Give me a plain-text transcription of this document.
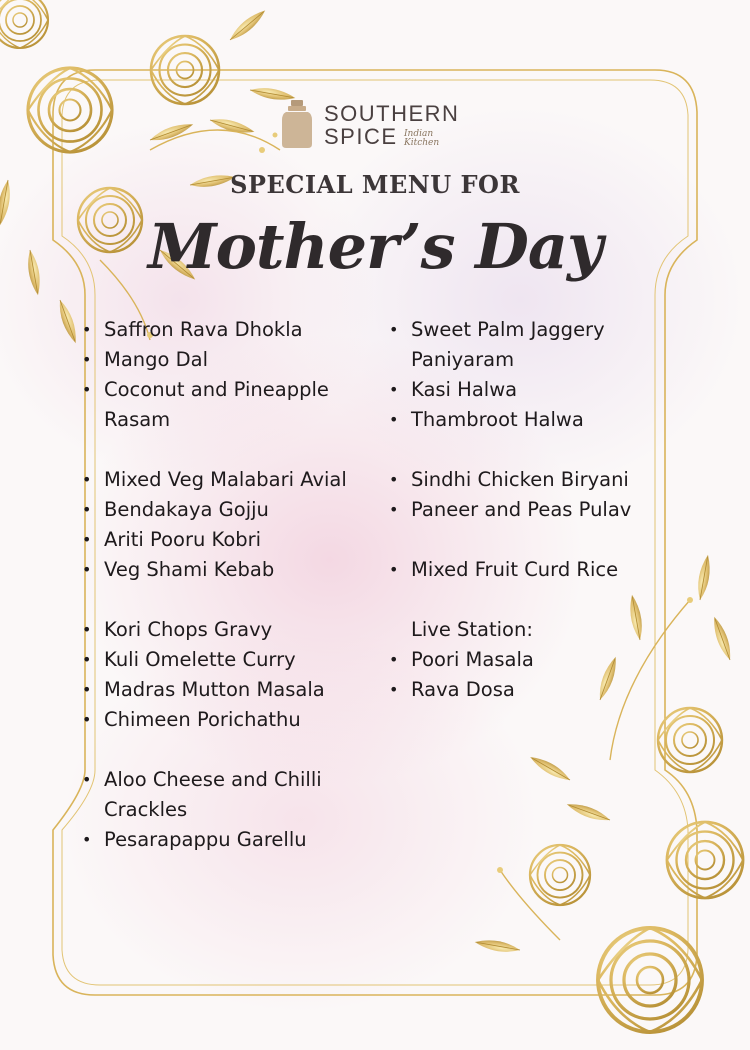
SOUTHERN
SPICE Indian
Kitchen
SPECIAL MENU FOR
Mother’s Day
• Saffron Rava Dhokla
• Mango Dal
• Coconut and Pineapple
Rasam
• Mixed Veg Malabari Avial
• Bendakaya Gojju
• Ariti Pooru Kobri
• Veg Shami Kebab
• Kori Chops Gravy
• Kuli Omelette Curry
• Madras Mutton Masala
• Chimeen Porichathu
• Aloo Cheese and Chilli
Crackles
• Pesarapappu Garellu
• Sweet Palm Jaggery
Paniyaram
• Kasi Halwa
• Thambroot Halwa
• Sindhi Chicken Biryani
• Paneer and Peas Pulav
• Mixed Fruit Curd Rice
Live Station:
• Poori Masala
• Rava Dosa
